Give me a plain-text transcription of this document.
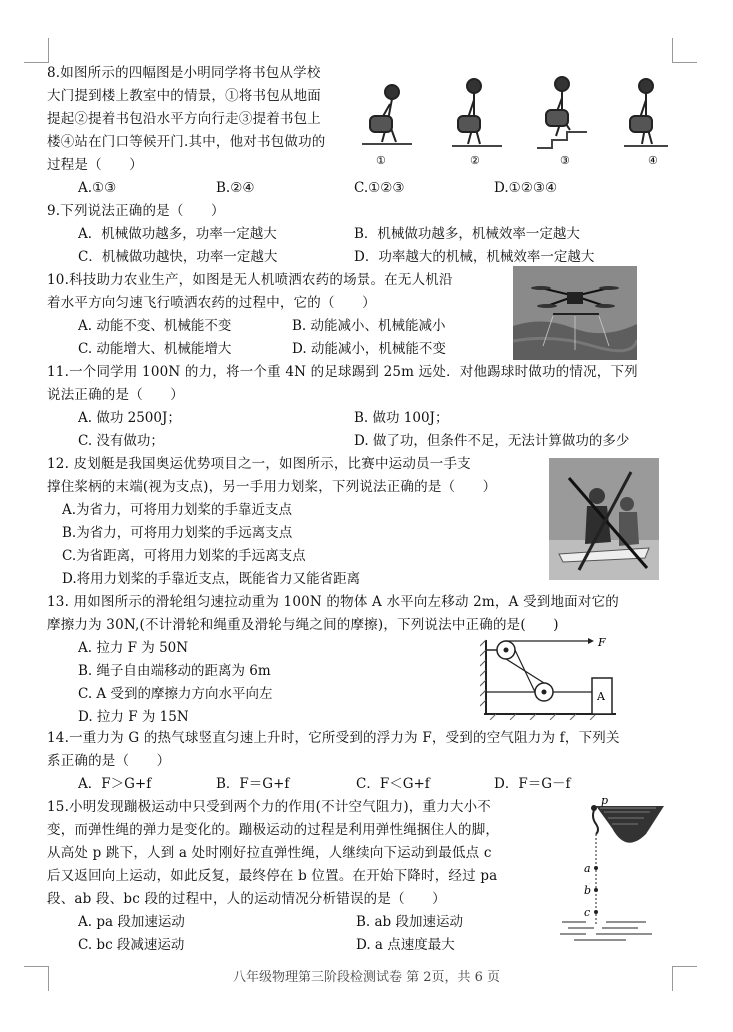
8.如图所示的四幅图是小明同学将书包从学校
大门提到楼上教室中的情景，①将书包从地面
提起②提着书包沿水平方向行走③提着书包上
楼④站在门口等候开门.其中，他对书包做功的
过程是（　　）
A.①③	B.②④	C.①②③	D.①②③④
①	②	③	④
9.下列说法正确的是（　　）
A．机械做功越多，功率一定越大	B．机械做功越多，机械效率一定越大
C．机械做功越快，功率一定越大	D．功率越大的机械，机械效率一定越大
10.科技助力农业生产，如图是无人机喷洒农药的场景。在无人机沿
着水平方向匀速飞行喷洒农药的过程中，它的（　　）
A. 动能不变、机械能不变	B. 动能减小、机械能减小
C. 动能增大、机械能增大	D. 动能减小，机械能不变
11.一个同学用 100N 的力，将一个重 4N 的足球踢到 25m 远处．对他踢球时做功的情况，下列
说法正确的是（　　）
A. 做功 2500J；	B. 做功 100J；
C. 没有做功；	D. 做了功，但条件不足，无法计算做功的多少
12. 皮划艇是我国奥运优势项目之一，如图所示，比赛中运动员一手支
撑住桨柄的末端(视为支点)，另一手用力划桨，下列说法正确的是（　　）
A.为省力，可将用力划桨的手靠近支点
B.为省力，可将用力划桨的手远离支点
C.为省距离，可将用力划桨的手远离支点
D.将用力划桨的手靠近支点，既能省力又能省距离
13. 用如图所示的滑轮组匀速拉动重为 100N 的物体 A 水平向左移动 2m，A 受到地面对它的
摩擦力为 30N,(不计滑轮和绳重及滑轮与绳之间的摩擦)，下列说法中正确的是(　　)
A. 拉力 F 为 50N
B. 绳子自由端移动的距离为 6m
C. A 受到的摩擦力方向水平向左
D. 拉力 F 为 15N
A
F
14.一重力为 G 的热气球竖直匀速上升时，它所受到的浮力为 F，受到的空气阻力为 f，下列关
系正确的是（　　）
A．F＞G+f	B．F＝G+f	C．F＜G+f	D．F＝G－f
15.小明发现蹦极运动中只受到两个力的作用(不计空气阻力)，重力大小不
变，而弹性绳的弹力是变化的。蹦极运动的过程是利用弹性绳捆住人的脚，
从高处 p 跳下，人到 a 处时刚好拉直弹性绳，人继续向下运动到最低点 c
后又返回向上运动，如此反复，最终停在 b 位置。在开始下降时，经过 pa
段、ab 段、bc 段的过程中，人的运动情况分析错误的是（　　）
A. pa 段加速运动	B. ab 段加速运动
C. bc 段减速运动	D. a 点速度最大
p
a
b
c
八年级物理第三阶段检测试卷 第 2页，共 6 页
